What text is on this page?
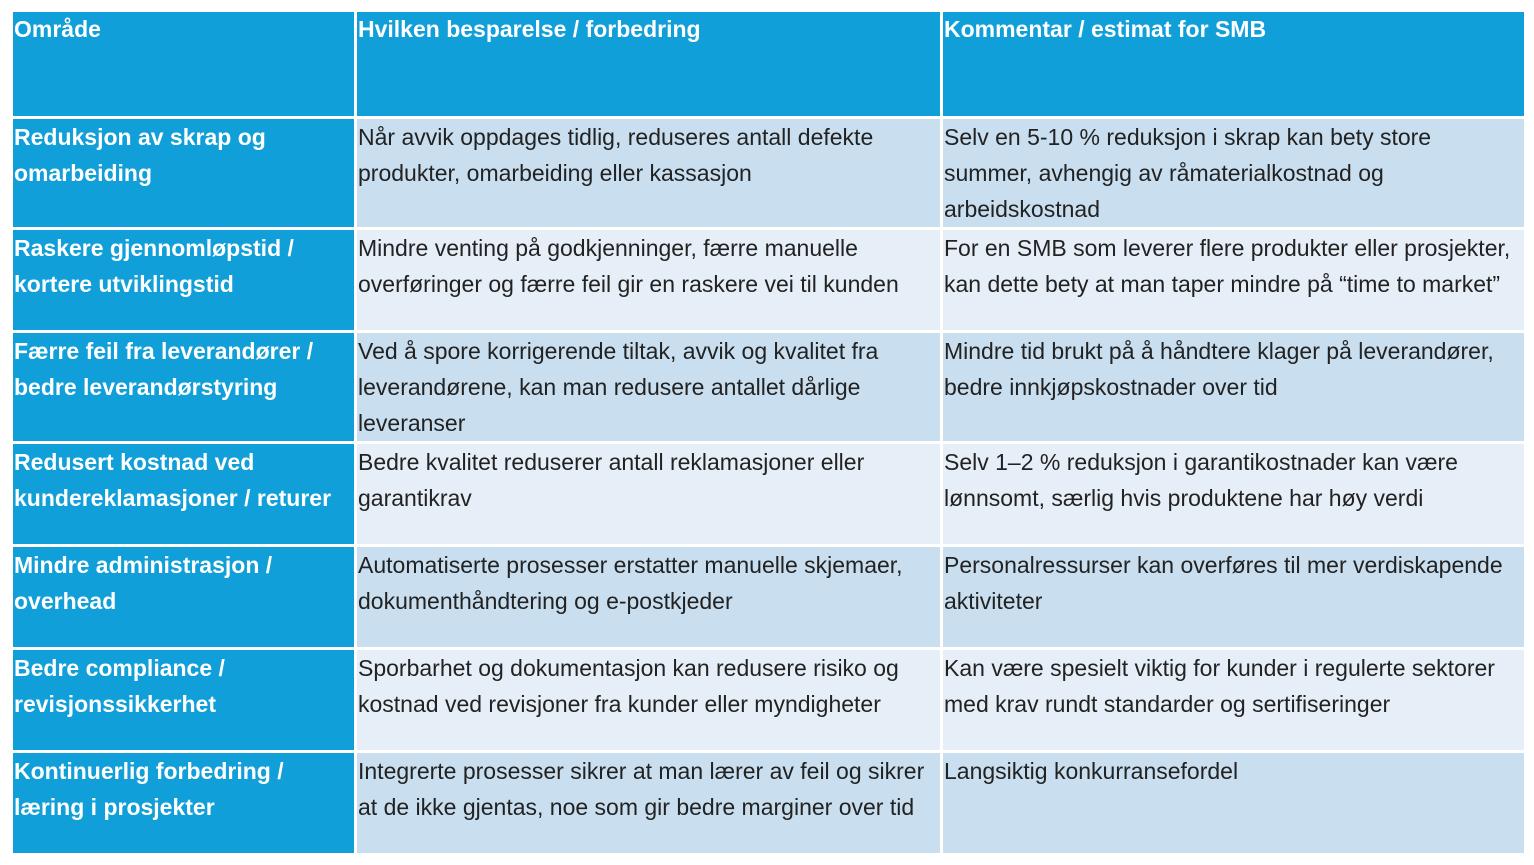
Område	Hvilken besparelse / forbedring	Kommentar / estimat for SMB
Reduksjon av skrap og omarbeiding	Når avvik oppdages tidlig, reduseres antall defekte produkter, omarbeiding eller kassasjon	Selv en 5-10 % reduksjon i skrap kan bety store summer, avhengig av råmaterialkostnad og arbeidskostnad
Raskere gjennomløpstid / kortere utviklingstid	Mindre venting på godkjenninger, færre manuelle overføringer og færre feil gir en raskere vei til kunden	For en SMB som leverer flere produkter eller prosjekter, kan dette bety at man taper mindre på “time to market”
Færre feil fra leverandører / bedre leverandørstyring	Ved å spore korrigerende tiltak, avvik og kvalitet fra leverandørene, kan man redusere antallet dårlige leveranser	Mindre tid brukt på å håndtere klager på leverandører, bedre innkjøpskostnader over tid
Redusert kostnad ved kundereklamasjoner / returer	Bedre kvalitet reduserer antall reklamasjoner eller garantikrav	Selv 1–2 % reduksjon i garantikostnader kan være lønnsomt, særlig hvis produktene har høy verdi
Mindre administrasjon / overhead	Automatiserte prosesser erstatter manuelle skjemaer, dokumenthåndtering og e-postkjeder	Personalressurser kan overføres til mer verdiskapende aktiviteter
Bedre compliance / revisjonssikkerhet	Sporbarhet og dokumentasjon kan redusere risiko og kostnad ved revisjoner fra kunder eller myndigheter	Kan være spesielt viktig for kunder i regulerte sektorer med krav rundt standarder og sertifiseringer
Kontinuerlig forbedring / læring i prosjekter	Integrerte prosesser sikrer at man lærer av feil og sikrer at de ikke gjentas, noe som gir bedre marginer over tid	Langsiktig konkurransefordel
